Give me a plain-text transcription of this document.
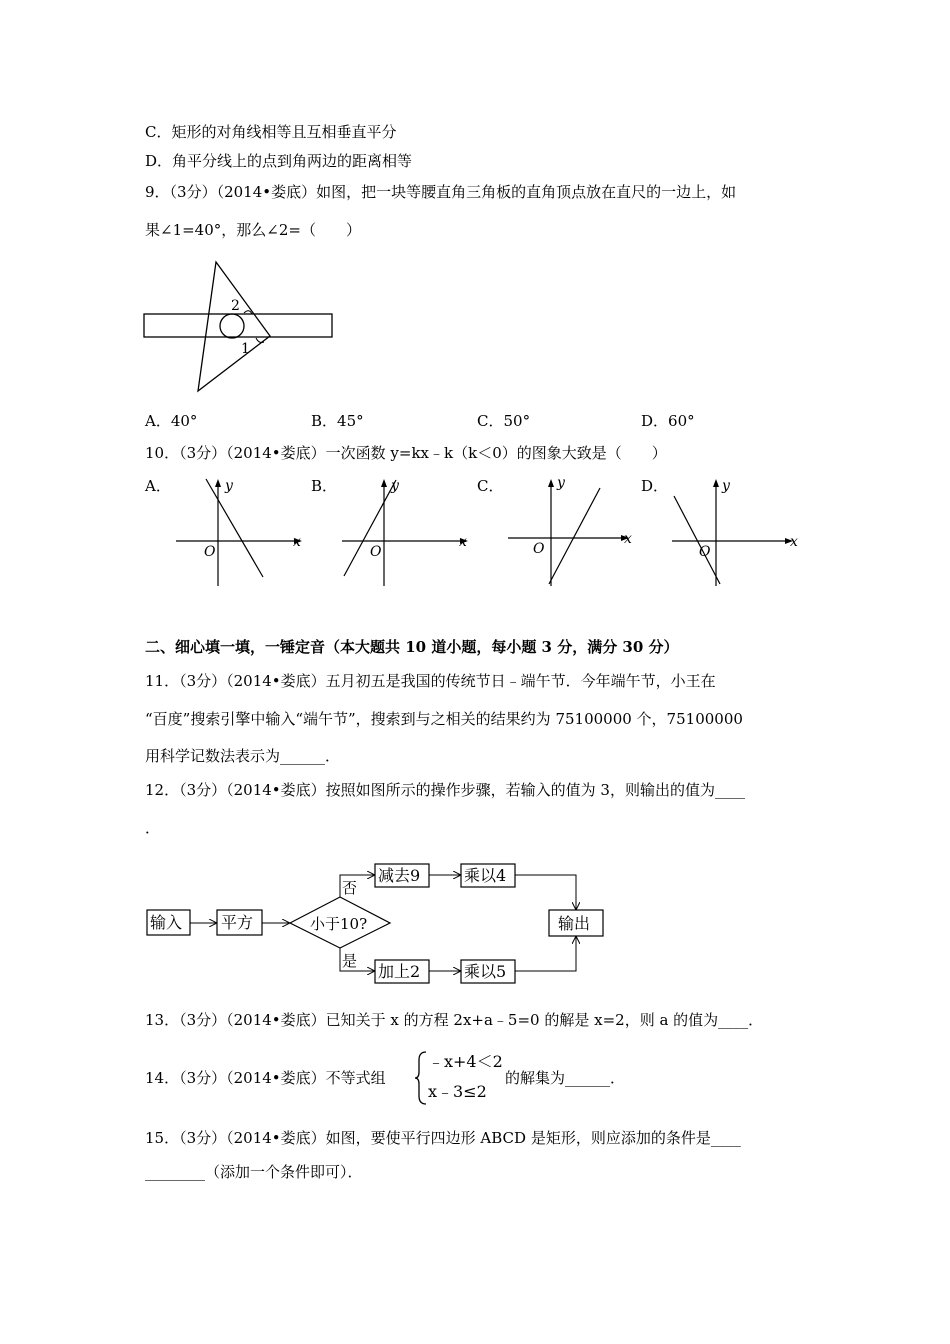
C．矩形的对角线相等且互相垂直平分
D．角平分线上的点到角两边的距离相等
9．（3分）（2014•娄底）如图，把一块等腰直角三角板的直角顶点放在直尺的一边上，如
果∠1=40°，那么∠2=（　　）
2
1
A．40°	B．45°	C．50°	D．60°
10．（3分）（2014•娄底）一次函数 y=kx﹣k（k＜0）的图象大致是（　　）
A．
O
x
y	B．
O
x
y	C．
O
x
y	D．
O
x
y
二、细心填一填，一锤定音（本大题共 10 道小题，每小题 3 分，满分 30 分）
11．（3分）（2014•娄底）五月初五是我国的传统节日﹣端午节．今年端午节，小王在
“百度”搜索引擎中输入“端午节”，搜索到与之相关的结果约为 75100000 个，75100000
用科学记数法表示为______．
12．（3分）（2014•娄底）按照如图所示的操作步骤，若输入的值为 3，则输出的值为____
．
输入 平方	小于10?
减去9	乘以4
加上2	乘以5
输出
否
是
13．（3分）（2014•娄底）已知关于 x 的方程 2x+a﹣5=0 的解是 x=2，则 a 的值为____．
14．（3分）（2014•娄底）不等式组
﹣x+4＜2
x﹣3≤2
的解集为______．
15．（3分）（2014•娄底）如图，要使平行四边形 ABCD 是矩形，则应添加的条件是____
________（添加一个条件即可）．
